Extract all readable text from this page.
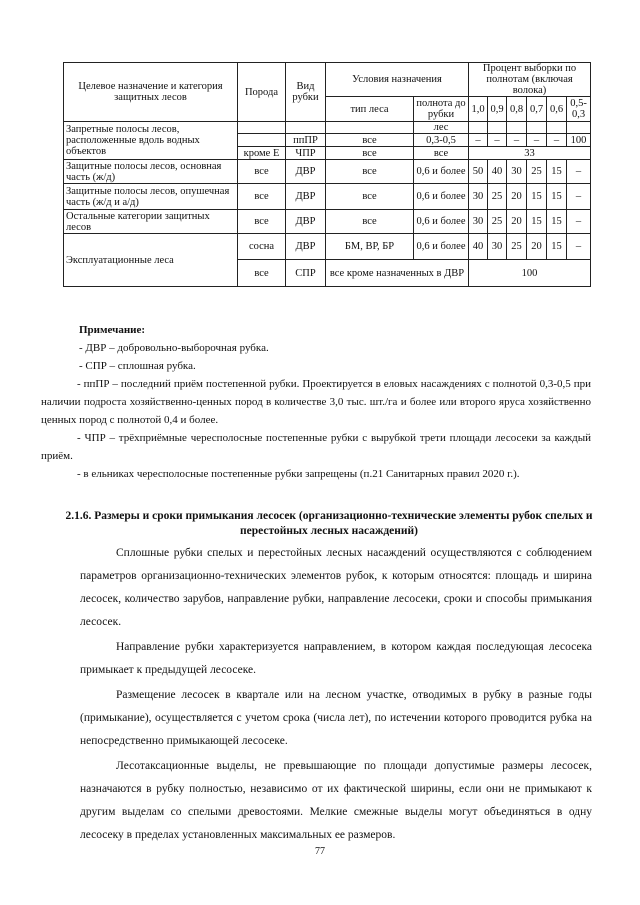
Целевое назначение и категория защитных лесов	Порода	Вид рубки	Условия назначения		Процент выборки по полнотам (включая волока)					
			тип леса	полнота до рубки	1,0	0,9	0,8	0,7	0,6	0,5-0,3
Запретные полосы лесов, расположенные вдоль водных объектов				лес						
		ппПР	все	0,3-0,5	–	–	–	–	–	100
	кроме Е	ЧПР	все	все	33					
Защитные полосы лесов, основная часть (ж/д)	все	ДВР	все	0,6 и более	50	40	30	25	15	–
Защитные полосы лесов, опушечная часть (ж/д и а/д)	все	ДВР	все	0,6 и более	30	25	20	15	15	–
Остальные категории защитных лесов	все	ДВР	все	0,6 и более	30	25	20	15	15	–
Эксплуатационные леса	сосна	ДВР	БМ, ВР, БР	0,6 и более	40	30	25	20	15	–
	все	СПР	все кроме назначенных в ДВР		100					

Примечание:

- ДВР – добровольно-выборочная рубка.

- СПР – сплошная рубка.

- ппПР – последний приём постепенной рубки. Проектируется в еловых насаждениях с полнотой 0,3-0,5 при наличии подроста хозяйственно-ценных пород в количестве 3,0 тыс. шт./га и более или второго яруса хозяйственно ценных пород с полнотой 0,4 и более.

- ЧПР – трёхприёмные чересполосные постепенные рубки с вырубкой трети площади лесосеки за каждый приём.

- в ельниках чересполосные постепенные рубки запрещены (п.21 Санитарных правил 2020 г.).

2.1.6. Размеры и сроки примыкания лесосек (организационно-технические элементы рубок спелых и перестойных лесных насаждений)

Сплошные рубки спелых и перестойных лесных насаждений осуществляются с соблюдением параметров организационно-технических элементов рубок, к которым относятся: площадь и ширина лесосек, количество зарубов, направление рубки, направление лесосеки, сроки и способы примыкания лесосек.

Направление рубки характеризуется направлением, в котором каждая последующая лесосека примыкает к предыдущей лесосеке.

Размещение лесосек в квартале или на лесном участке, отводимых в рубку в разные годы (примыкание), осуществляется с учетом срока (числа лет), по истечении которого проводится рубка на непосредственно примыкающей лесосеке.

Лесотаксационные выделы, не превышающие по площади допустимые размеры лесосек, назначаются в рубку полностью, независимо от их фактической ширины, если они не примыкают к другим выделам со спелыми древостоями. Мелкие смежные выделы могут объединяться в одну лесосеку в пределах установленных максимальных ее размеров.

77
